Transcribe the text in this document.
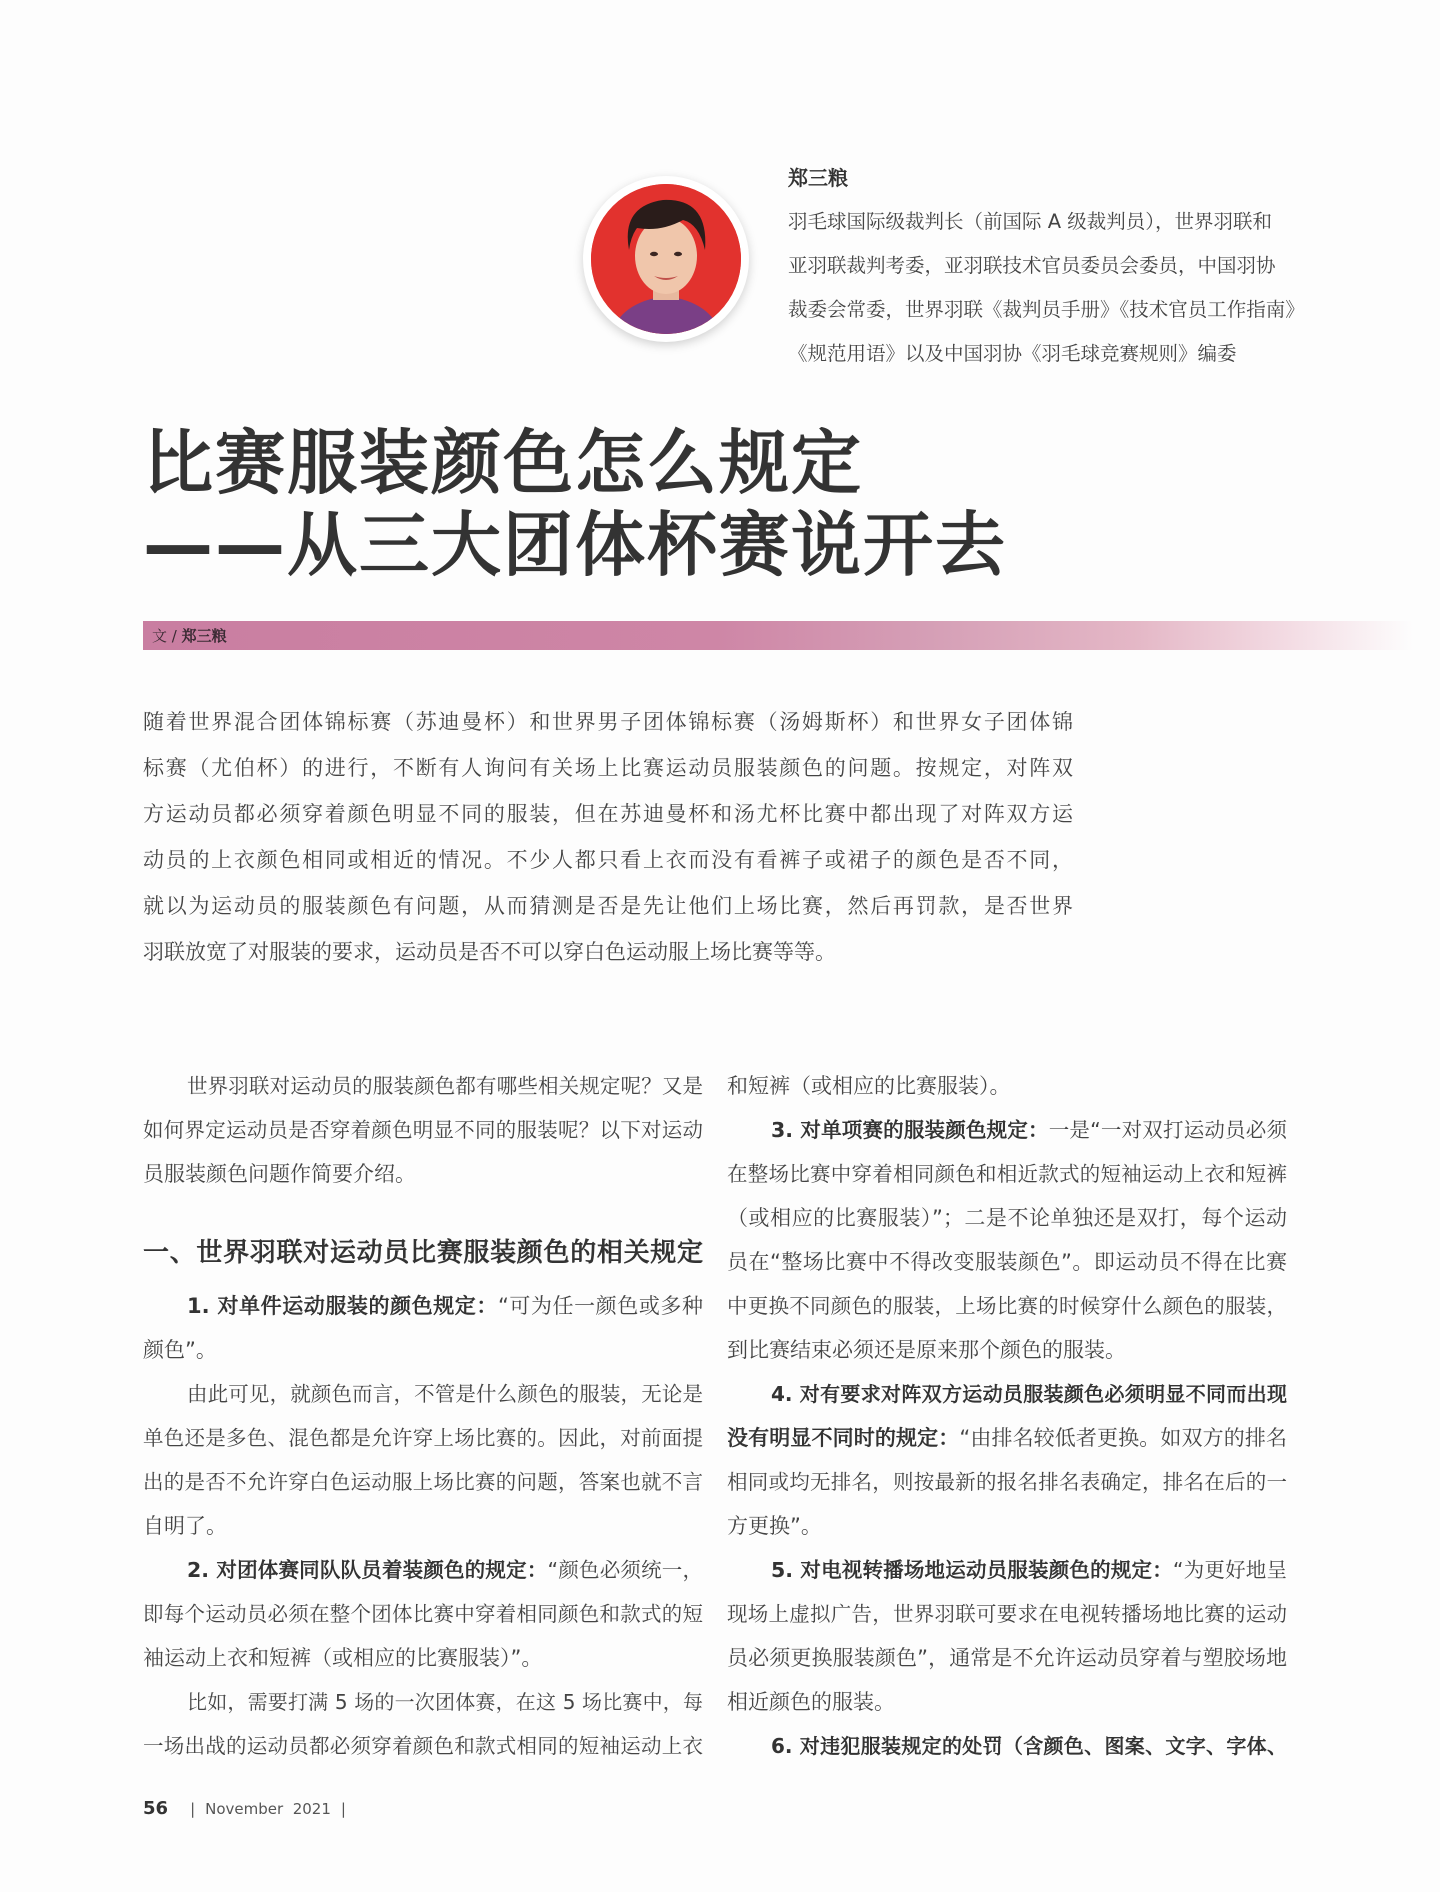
郑三粮
羽毛球国际级裁判长（前国际 A 级裁判员），世界羽联和
亚羽联裁判考委，亚羽联技术官员委员会委员，中国羽协
裁委会常委，世界羽联《裁判员手册》《技术官员工作指南》
《规范用语》以及中国羽协《羽毛球竞赛规则》编委
比赛服装颜色怎么规定
——从三大团体杯赛说开去
文 / 郑三粮
随着世界混合团体锦标赛（苏迪曼杯）和世界男子团体锦标赛（汤姆斯杯）和世界女子团体锦
标赛（尤伯杯）的进行，不断有人询问有关场上比赛运动员服装颜色的问题。按规定，对阵双
方运动员都必须穿着颜色明显不同的服装，但在苏迪曼杯和汤尤杯比赛中都出现了对阵双方运
动员的上衣颜色相同或相近的情况。不少人都只看上衣而没有看裤子或裙子的颜色是否不同，
就以为运动员的服装颜色有问题，从而猜测是否是先让他们上场比赛，然后再罚款，是否世界
羽联放宽了对服装的要求，运动员是否不可以穿白色运动服上场比赛等等。
世界羽联对运动员的服装颜色都有哪些相关规定呢？又是
如何界定运动员是否穿着颜色明显不同的服装呢？以下对运动
员服装颜色问题作简要介绍。
一、世界羽联对运动员比赛服装颜色的相关规定
1. 对单件运动服装的颜色规定：“可为任一颜色或多种
颜色”。
由此可见，就颜色而言，不管是什么颜色的服装，无论是
单色还是多色、混色都是允许穿上场比赛的。因此，对前面提
出的是否不允许穿白色运动服上场比赛的问题，答案也就不言
自明了。
2. 对团体赛同队队员着装颜色的规定：“颜色必须统一，
即每个运动员必须在整个团体比赛中穿着相同颜色和款式的短
袖运动上衣和短裤（或相应的比赛服装）”。
比如，需要打满 5 场的一次团体赛，在这 5 场比赛中，每
一场出战的运动员都必须穿着颜色和款式相同的短袖运动上衣
和短裤（或相应的比赛服装）。
3. 对单项赛的服装颜色规定：一是“一对双打运动员必须
在整场比赛中穿着相同颜色和相近款式的短袖运动上衣和短裤
（或相应的比赛服装）”；二是不论单独还是双打，每个运动
员在“整场比赛中不得改变服装颜色”。即运动员不得在比赛
中更换不同颜色的服装，上场比赛的时候穿什么颜色的服装，
到比赛结束必须还是原来那个颜色的服装。
4. 对有要求对阵双方运动员服装颜色必须明显不同而出现
没有明显不同时的规定：“由排名较低者更换。如双方的排名
相同或均无排名，则按最新的报名排名表确定，排名在后的一
方更换”。
5. 对电视转播场地运动员服装颜色的规定：“为更好地呈
现场上虚拟广告，世界羽联可要求在电视转播场地比赛的运动
员必须更换服装颜色”，通常是不允许运动员穿着与塑胶场地
相近颜色的服装。
6. 对违犯服装规定的处罚（含颜色、图案、文字、字体、
56 | November  2021 |
